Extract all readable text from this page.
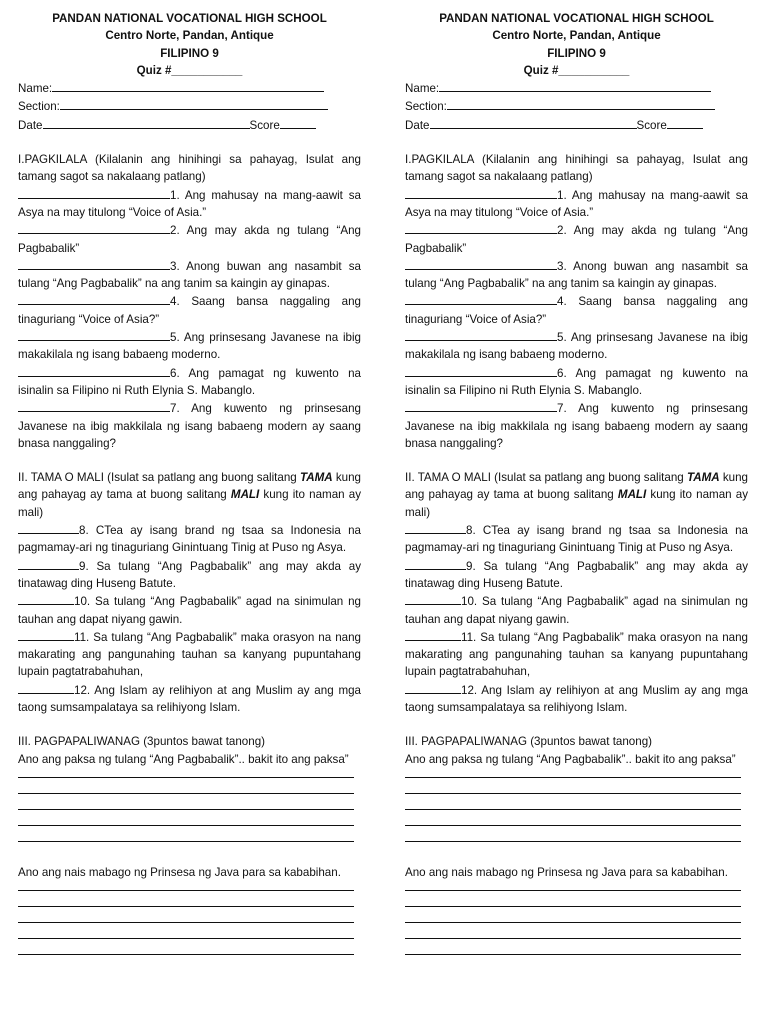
PANDAN NATIONAL VOCATIONAL HIGH SCHOOL
Centro Norte, Pandan, Antique
FILIPINO 9
Quiz #___________
Name:
Section:
Date	Score
I.PAGKILALA (Kilalanin ang hinihingi sa pahayag, Isulat ang tamang sagot sa nakalaang patlang)
1. Ang mahusay na mang-aawit sa Asya na may titulong “Voice of Asia.”
2. Ang may akda ng tulang “Ang Pagbabalik”
3. Anong buwan ang nasambit sa tulang “Ang Pagbabalik” na ang tanim sa kaingin ay ginapas.
4. Saang bansa naggaling ang tinaguriang “Voice of Asia?”
5. Ang prinsesang Javanese na ibig makakilala ng isang babaeng moderno.
6. Ang pamagat ng kuwento na isinalin sa Filipino ni Ruth Elynia S. Mabanglo.
7. Ang kuwento ng prinsesang Javanese na ibig makkilala ng isang babaeng modern ay saang bnasa nanggaling?
II. TAMA O MALI (Isulat sa patlang ang buong salitang TAMA kung ang pahayag ay tama at buong salitang MALI kung ito naman ay mali)
8. CTea ay isang brand ng tsaa sa Indonesia na pagmamay-ari ng tinaguriang Ginintuang Tinig at Puso ng Asya.
9. Sa tulang “Ang Pagbabalik” ang may akda ay tinatawag ding Huseng Batute.
10. Sa tulang “Ang Pagbabalik” agad na sinimulan ng tauhan ang dapat niyang gawin.
11. Sa tulang “Ang Pagbabalik” maka orasyon na nang makarating ang pangunahing tauhan sa kanyang pupuntahang lupain pagtatrabahuhan,
12. Ang Islam ay relihiyon at ang Muslim ay ang mga taong sumsampalataya sa relihiyong Islam.
III. PAGPAPALIWANAG (3puntos bawat tanong)
Ano ang paksa ng tulang “Ang Pagbabalik”.. bakit ito ang paksa”
Ano ang nais mabago ng Prinsesa ng Java para sa kababihan.
PANDAN NATIONAL VOCATIONAL HIGH SCHOOL
Centro Norte, Pandan, Antique
FILIPINO 9
Quiz #___________
Name:
Section:
Date	Score
I.PAGKILALA (Kilalanin ang hinihingi sa pahayag, Isulat ang tamang sagot sa nakalaang patlang)
1. Ang mahusay na mang-aawit sa Asya na may titulong “Voice of Asia.”
2. Ang may akda ng tulang “Ang Pagbabalik”
3. Anong buwan ang nasambit sa tulang “Ang Pagbabalik” na ang tanim sa kaingin ay ginapas.
4. Saang bansa naggaling ang tinaguriang “Voice of Asia?”
5. Ang prinsesang Javanese na ibig makakilala ng isang babaeng moderno.
6. Ang pamagat ng kuwento na isinalin sa Filipino ni Ruth Elynia S. Mabanglo.
7. Ang kuwento ng prinsesang Javanese na ibig makkilala ng isang babaeng modern ay saang bnasa nanggaling?
II. TAMA O MALI (Isulat sa patlang ang buong salitang TAMA kung ang pahayag ay tama at buong salitang MALI kung ito naman ay mali)
8. CTea ay isang brand ng tsaa sa Indonesia na pagmamay-ari ng tinaguriang Ginintuang Tinig at Puso ng Asya.
9. Sa tulang “Ang Pagbabalik” ang may akda ay tinatawag ding Huseng Batute.
10. Sa tulang “Ang Pagbabalik” agad na sinimulan ng tauhan ang dapat niyang gawin.
11. Sa tulang “Ang Pagbabalik” maka orasyon na nang makarating ang pangunahing tauhan sa kanyang pupuntahang lupain pagtatrabahuhan,
12. Ang Islam ay relihiyon at ang Muslim ay ang mga taong sumsampalataya sa relihiyong Islam.
III. PAGPAPALIWANAG (3puntos bawat tanong)
Ano ang paksa ng tulang “Ang Pagbabalik”.. bakit ito ang paksa”
Ano ang nais mabago ng Prinsesa ng Java para sa kababihan.
